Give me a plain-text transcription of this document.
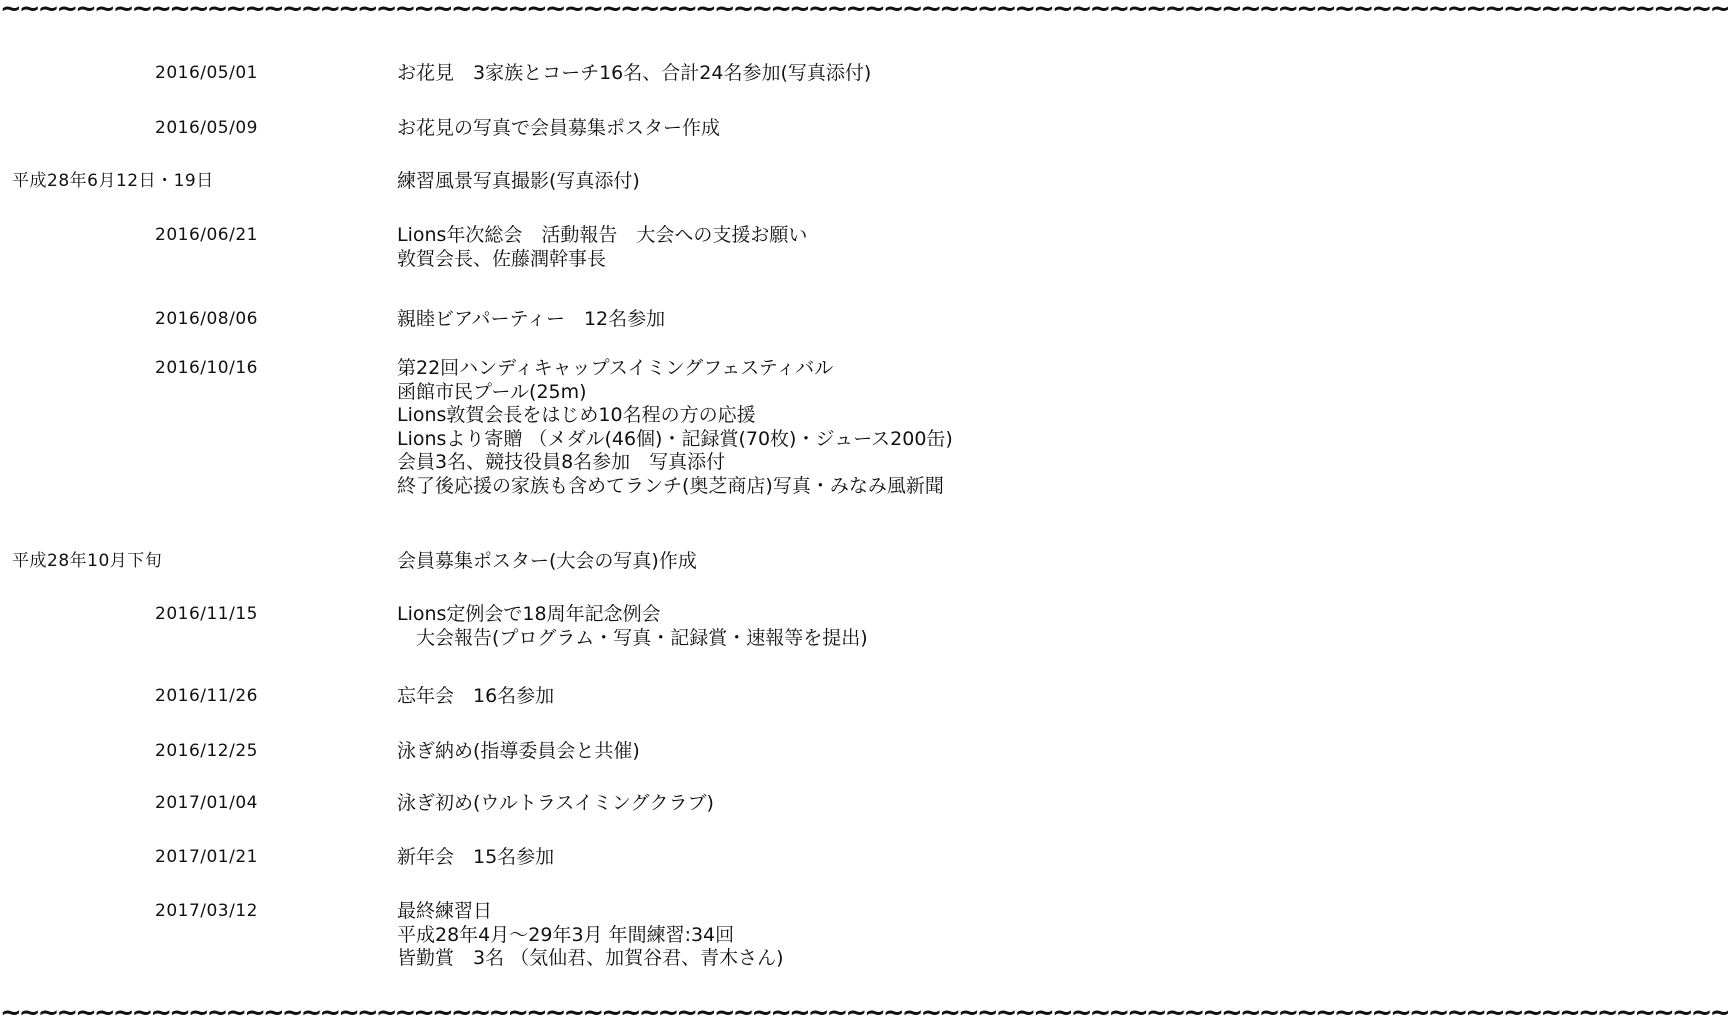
~~~~~~~~~~~~~~~~~~~~~~~~~~~~~~~~~~~~~~~~~~~~~~~~~~~~~~~~~~~~~~~~~~~~~~~~~~~~~~~~~~~~~~~~~~~~
2016/05/01	お花見　3家族とコーチ16名、合計24名参加(写真添付)
2016/05/09	お花見の写真で会員募集ポスター作成
平成28年6月12日・19日	練習風景写真撮影(写真添付)
2016/06/21	Lions年次総会　活動報告　大会への支援お願い
敦賀会長、佐藤潤幹事長
2016/08/06	親睦ビアパーティー　12名参加
2016/10/16	第22回ハンディキャップスイミングフェスティバル
函館市民プール(25m)
Lions敦賀会長をはじめ10名程の方の応援
Lionsより寄贈 （メダル(46個)・記録賞(70枚)・ジュース200缶)
会員3名、競技役員8名参加　写真添付
終了後応援の家族も含めてランチ(奥芝商店)写真・みなみ風新聞
平成28年10月下旬	会員募集ポスター(大会の写真)作成
2016/11/15	Lions定例会で18周年記念例会
　大会報告(プログラム・写真・記録賞・速報等を提出)
2016/11/26	忘年会　16名参加
2016/12/25	泳ぎ納め(指導委員会と共催)
2017/01/04	泳ぎ初め(ウルトラスイミングクラブ)
2017/01/21	新年会　15名参加
2017/03/12	最終練習日
平成28年4月～29年3月 年間練習:34回
皆勤賞　3名 （気仙君、加賀谷君、青木さん)
~~~~~~~~~~~~~~~~~~~~~~~~~~~~~~~~~~~~~~~~~~~~~~~~~~~~~~~~~~~~~~~~~~~~~~~~~~~~~~~~~~~~~~~~~~~~
